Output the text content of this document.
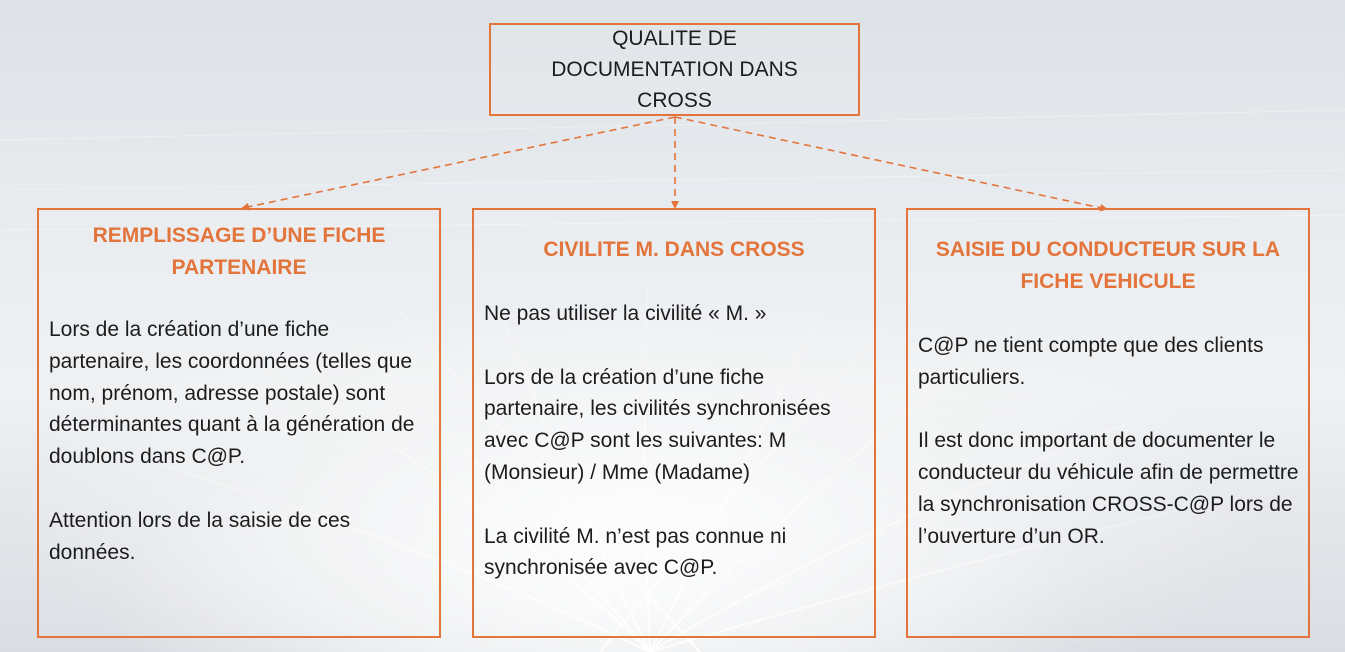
QUALITE DE DOCUMENTATION DANS CROSS
REMPLISSAGE D’UNE FICHE PARTENAIRE

Lors de la création d’une fiche partenaire, les coordonnées (telles que nom, prénom, adresse postale) sont déterminantes quant à la génération de doublons dans C@P.

Attention lors de la saisie de ces données.

CIVILITE M. DANS CROSS

Ne pas utiliser la civilité « M. »

Lors de la création d’une fiche partenaire, les civilités synchronisées avec C@P sont les suivantes: M (Monsieur) / Mme (Madame)

La civilité M. n’est pas connue ni synchronisée avec C@P.

SAISIE DU CONDUCTEUR SUR LA FICHE VEHICULE

C@P ne tient compte que des clients particuliers.

Il est donc important de documenter le conducteur du véhicule afin de permettre la synchronisation CROSS-C@P lors de l’ouverture d’un OR.
